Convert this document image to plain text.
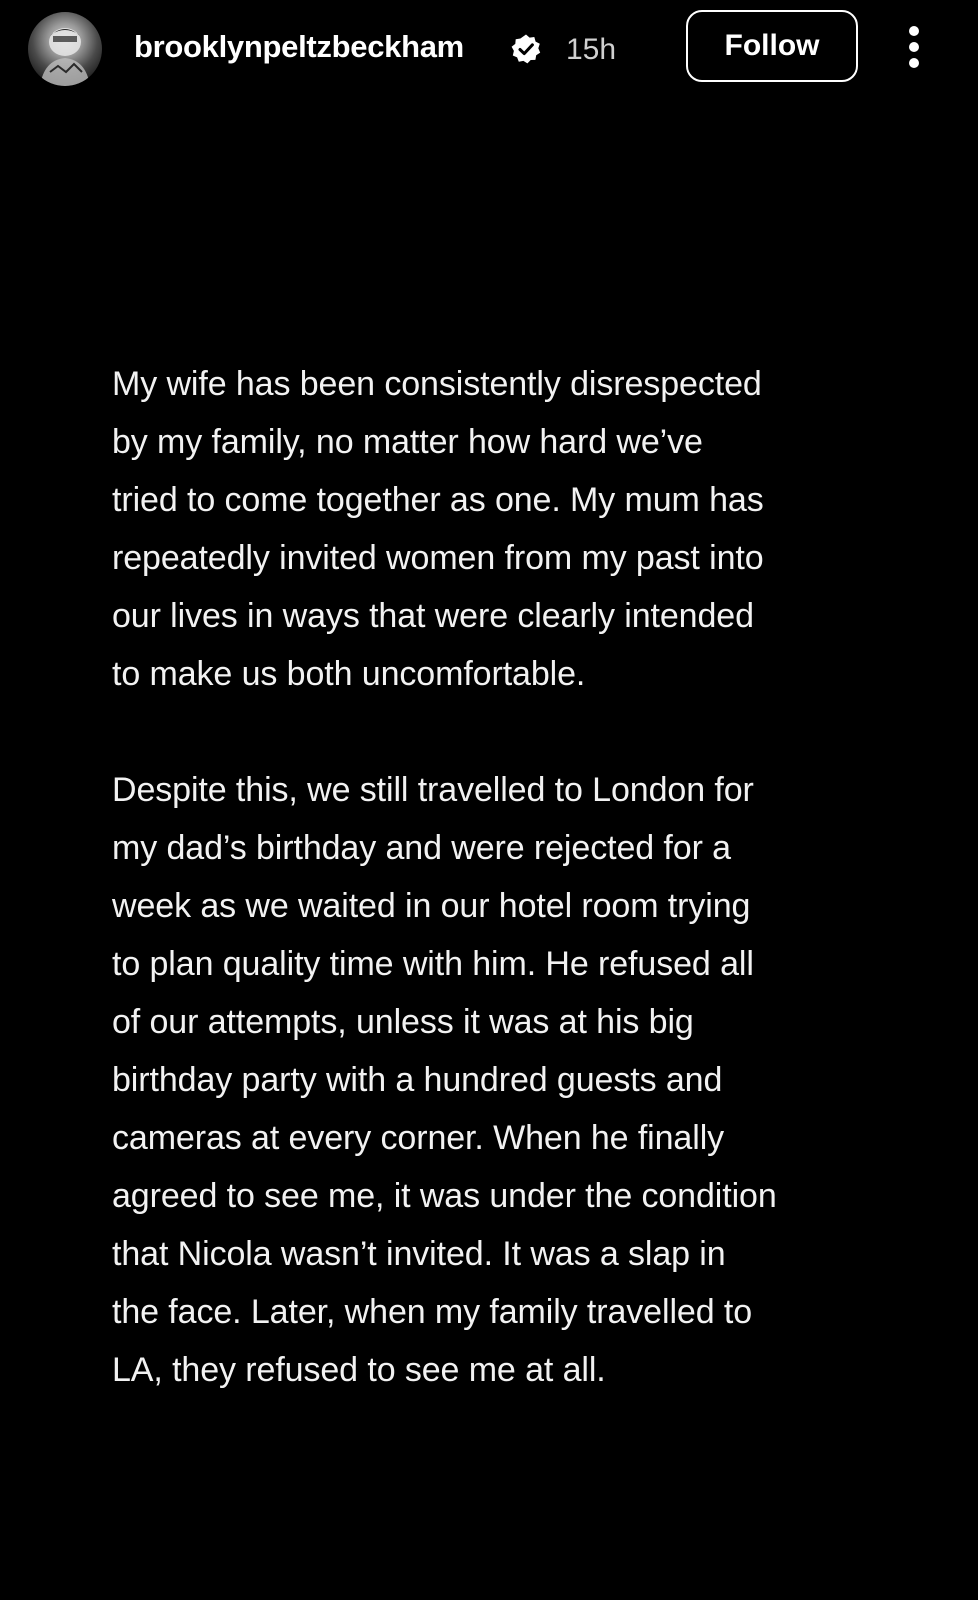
brooklynpeltzbeckham	15h	Follow

My wife has been consistently disrespected
by my family, no matter how hard we’ve
tried to come together as one. My mum has
repeatedly invited women from my past into
our lives in ways that were clearly intended
to make us both uncomfortable.

Despite this, we still travelled to London for
my dad’s birthday and were rejected for a
week as we waited in our hotel room trying
to plan quality time with him. He refused all
of our attempts, unless it was at his big
birthday party with a hundred guests and
cameras at every corner. When he finally
agreed to see me, it was under the condition
that Nicola wasn’t invited. It was a slap in
the face. Later, when my family travelled to
LA, they refused to see me at all.
